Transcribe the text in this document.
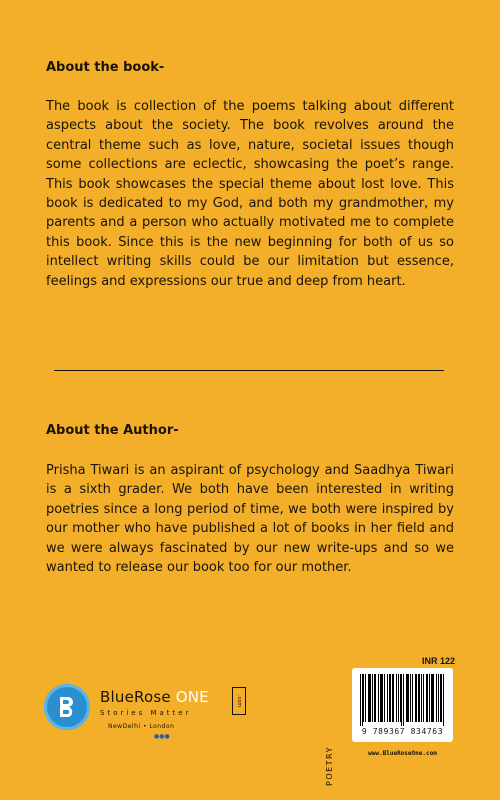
About the book-

The book is collection of the poems talking about different aspects about the society. The book revolves around the central theme such as love, nature, societal issues though some collections are eclectic, showcasing the poet’s range. This book showcases the special theme about lost love. This book is dedicated to my God, and both my grandmother, my parents and a person who actually motivated me to complete this book. Since this is the new beginning for both of us so intellect writing skills could be our limitation but essence, feelings and expressions our true and deep from heart.

About the Author-

Prisha Tiwari is an aspirant of psychology and Saadhya Tiwari is a sixth grader. We both have been interested in writing poetries since a long period of time, we both were inspired by our mother who have published a lot of books in her field and we were always fascinated by our new write-ups and so we wanted to release our book too for our mother.

BlueRose ONE	.com
Stories Matter
NewDelhi • London
●●●
INR 122
POETRY
9 789367 834763
www.BlueRoseOne.com
